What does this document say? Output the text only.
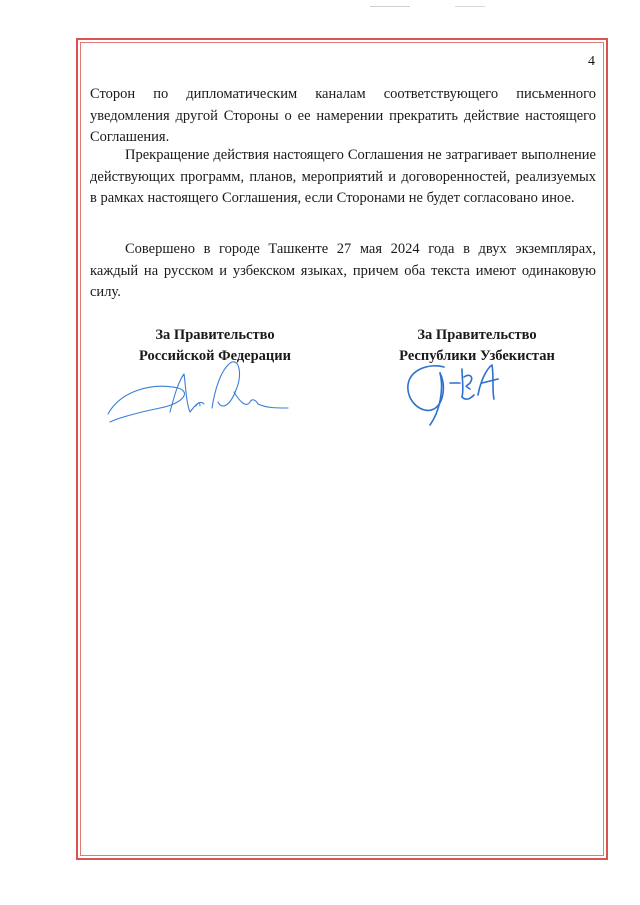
4

Сторон по дипломатическим каналам соответствующего письменного уведомления другой Стороны о ее намерении прекратить действие настоящего Соглашения.

Прекращение действия настоящего Соглашения не затрагивает выполнение действующих программ, планов, мероприятий и договоренностей, реализуемых в рамках настоящего Соглашения, если Сторонами не будет согласовано иное.

Совершено в городе Ташкенте 27 мая 2024 года в двух экземплярах, каждый на русском и узбекском языках, причем оба текста имеют одинаковую силу.

За Правительство
Российской Федерации
За Правительство
Республики Узбекистан
